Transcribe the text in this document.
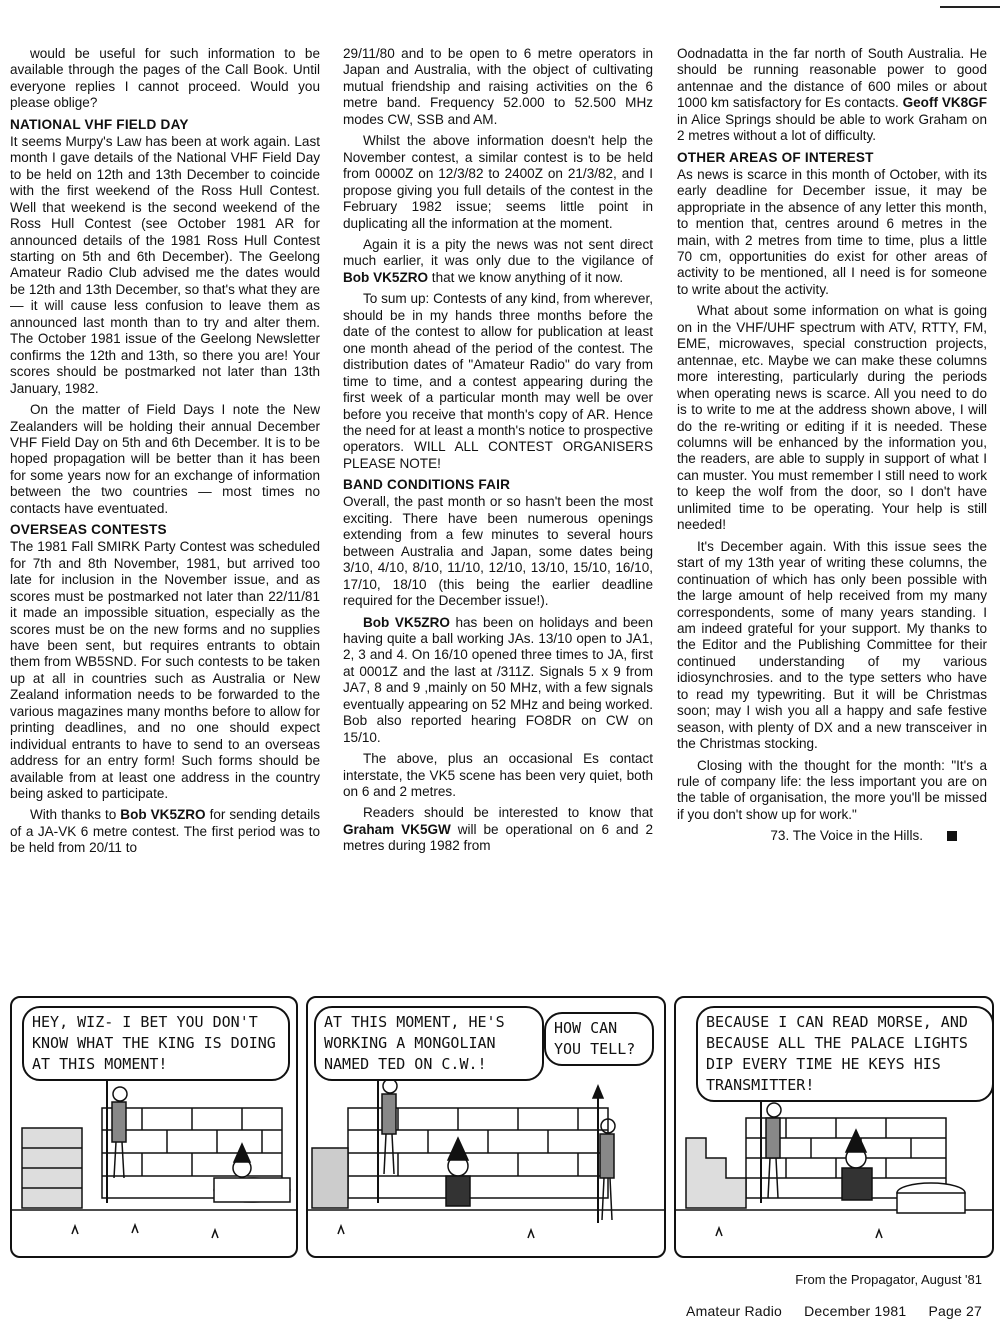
would be useful for such information to be available through the pages of the Call Book. Until everyone replies I cannot proceed. Would you please oblige?

NATIONAL VHF FIELD DAY

It seems Murpy's Law has been at work again. Last month I gave details of the National VHF Field Day to be held on 12th and 13th December to coincide with the first weekend of the Ross Hull Contest. Well that weekend is the second weekend of the Ross Hull Contest (see October 1981 AR for announced details of the 1981 Ross Hull Contest starting on 5th and 6th December). The Geelong Amateur Radio Club advised me the dates would be 12th and 13th December, so that's what they are — it will cause less confusion to leave them as announced last month than to try and alter them. The October 1981 issue of the Geelong Newsletter confirms the 12th and 13th, so there you are! Your scores should be postmarked not later than 13th January, 1982.

On the matter of Field Days I note the New Zealanders will be holding their annual December VHF Field Day on 5th and 6th December. It is to be hoped propagation will be better than it has been for some years now for an exchange of information between the two countries — most times no contacts have eventuated.

OVERSEAS CONTESTS

The 1981 Fall SMIRK Party Contest was scheduled for 7th and 8th November, 1981, but arrived too late for inclusion in the November issue, and as scores must be postmarked not later than 22/11/81 it made an impossible situation, especially as the scores must be on the new forms and no supplies have been sent, but requires entrants to obtain them from WB5SND. For such contests to be taken up at all in countries such as Australia or New Zealand information needs to be forwarded to the various magazines many months before to allow for printing deadlines, and no one should expect individual entrants to have to send to an overseas address for an entry form! Such forms should be available from at least one address in the country being asked to participate.

With thanks to Bob VK5ZRO for sending details of a JA-VK 6 metre contest. The first period was to be held from 20/11 to

29/11/80 and to be open to 6 metre operators in Japan and Australia, with the object of cultivating mutual friendship and raising activities on the 6 metre band. Frequency 52.000 to 52.500 MHz modes CW, SSB and AM.

Whilst the above information doesn't help the November contest, a similar contest is to be held from 0000Z on 12/3/82 to 2400Z on 21/3/82, and I propose giving you full details of the contest in the February 1982 issue; seems little point in duplicating all the information at the moment.

Again it is a pity the news was not sent direct much earlier, it was only due to the vigilance of Bob VK5ZRO that we know anything of it now.

To sum up: Contests of any kind, from wherever, should be in my hands three months before the date of the contest to allow for publication at least one month ahead of the period of the contest. The distribution dates of "Amateur Radio" do vary from time to time, and a contest appearing during the first week of a particular month may well be over before you receive that month's copy of AR. Hence the need for at least a month's notice to prospective operators. WILL ALL CONTEST ORGANISERS PLEASE NOTE!

BAND CONDITIONS FAIR

Overall, the past month or so hasn't been the most exciting. There have been numerous openings extending from a few minutes to several hours between Australia and Japan, some dates being 3/10, 4/10, 8/10, 11/10, 12/10, 13/10, 15/10, 16/10, 17/10, 18/10 (this being the earlier deadline required for the December issue!).

Bob VK5ZRO has been on holidays and been having quite a ball working JAs. 13/10 open to JA1, 2, 3 and 4. On 16/10 opened three times to JA, first at 0001Z and the last at /311Z. Signals 5 x 9 from JA7, 8 and 9 ,mainly on 50 MHz, with a few signals eventually appearing on 52 MHz and being worked. Bob also reported hearing FO8DR on CW on 15/10.

The above, plus an occasional Es contact interstate, the VK5 scene has been very quiet, both on 6 and 2 metres.

Readers should be interested to know that Graham VK5GW will be operational on 6 and 2 metres during 1982 from

Oodnadatta in the far north of South Australia. He should be running reasonable power to good antennae and the distance of 600 miles or about 1000 km satisfactory for Es contacts. Geoff VK8GF in Alice Springs should be able to work Graham on 2 metres without a lot of difficulty.

OTHER AREAS OF INTEREST

As news is scarce in this month of October, with its early deadline for December issue, it may be appropriate in the absence of any letter this month, to mention that, centres around 6 metres in the main, with 2 metres from time to time, plus a little 70 cm, opportunities do exist for other areas of activity to be mentioned, all I need is for someone to write about the activity.

What about some information on what is going on in the VHF/UHF spectrum with ATV, RTTY, FM, EME, microwaves, special construction projects, antennae, etc. Maybe we can make these columns more interesting, particularly during the periods when operating news is scarce. All you need to do is to write to me at the address shown above, I will do the re-writing or editing if it is needed. These columns will be enhanced by the information you, the readers, are able to supply in support of what I can muster. You must remember I still need to work to keep the wolf from the door, so I don't have unlimited time to be operating. Your help is still needed!

It's December again. With this issue sees the start of my 13th year of writing these columns, the continuation of which has only been possible with the large amount of help received from my many correspondents, some of many years standing. I am indeed grateful for your support. My thanks to the Editor and the Publishing Committee for their continued understanding of my various idiosynchrosies. and to the type setters who have to read my typewriting. But it will be Christmas soon; may I wish you all a happy and safe festive season, with plenty of DX and a new transceiver in the Christmas stocking.

Closing with the thought for the month: "It's a rule of company life: the less important you are on the table of organisation, the more you'll be missed if you don't show up for work."

73. The Voice in the Hills.

HEY, WIZ- I BET YOU DON'T KNOW WHAT THE KING IS DOING AT THIS MOMENT!
AT THIS MOMENT, HE'S WORKING A MONGOLIAN NAMED TED ON C.W.!
HOW CAN YOU TELL?
BECAUSE I CAN READ MORSE, AND BECAUSE ALL THE PALACE LIGHTS DIP EVERY TIME HE KEYS HIS TRANSMITTER!
From the Propagator, August '81
Amateur Radio December 1981 Page 27
